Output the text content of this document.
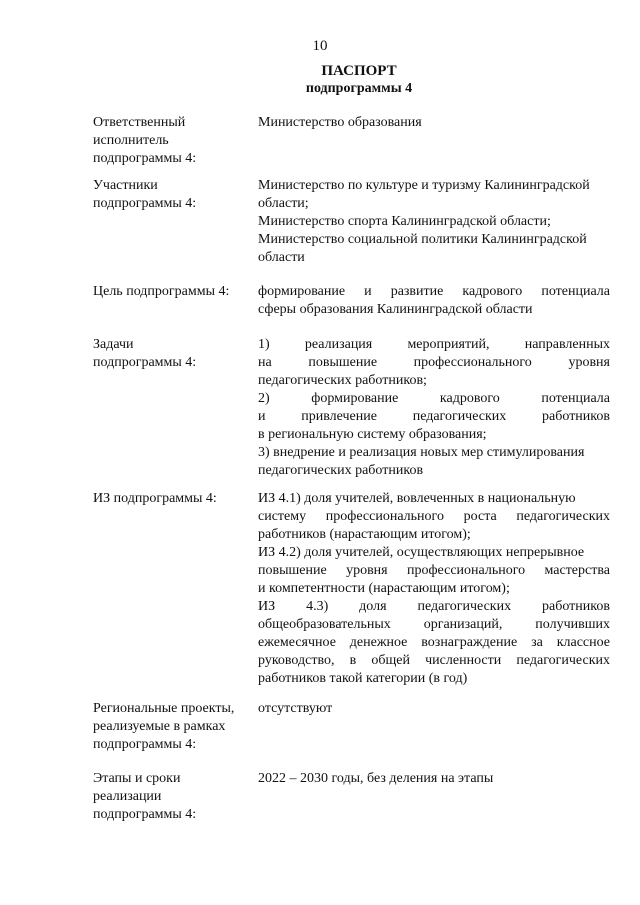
10
ПАСПОРТ
подпрограммы 4
Ответственный
исполнитель
подпрограммы 4:

Министерство образования

Участники
подпрограммы 4:

Министерство по культуре и туризму Калининградской

области;

Министерство спорта Калининградской области;

Министерство социальной политики Калининградской

области

Цель подпрограммы 4:	формирование и развитие кадрового потенциала

сферы образования Калининградской области

Задачи
подпрограммы 4:

1) реализация мероприятий, направленных

на повышение профессионального уровня

педагогических работников;

2) формирование кадрового потенциала

и привлечение педагогических работников

в региональную систему образования;

3) внедрение и реализация новых мер стимулирования

педагогических работников

ИЗ подпрограммы 4:	ИЗ 4.1) доля учителей, вовлеченных в национальную

систему профессионального роста педагогических

работников (нарастающим итогом);

ИЗ 4.2) доля учителей, осуществляющих непрерывное

повышение уровня профессионального мастерства

и компетентности (нарастающим итогом);

ИЗ 4.3) доля педагогических работников

общеобразовательных организаций, получивших

ежемесячное денежное вознаграждение за классное

руководство, в общей численности педагогических

работников такой категории (в год)

Региональные проекты,
реализуемые в рамках
подпрограммы 4:

отсутствуют

Этапы и сроки
реализации
подпрограммы 4:

2022 – 2030 годы, без деления на этапы
